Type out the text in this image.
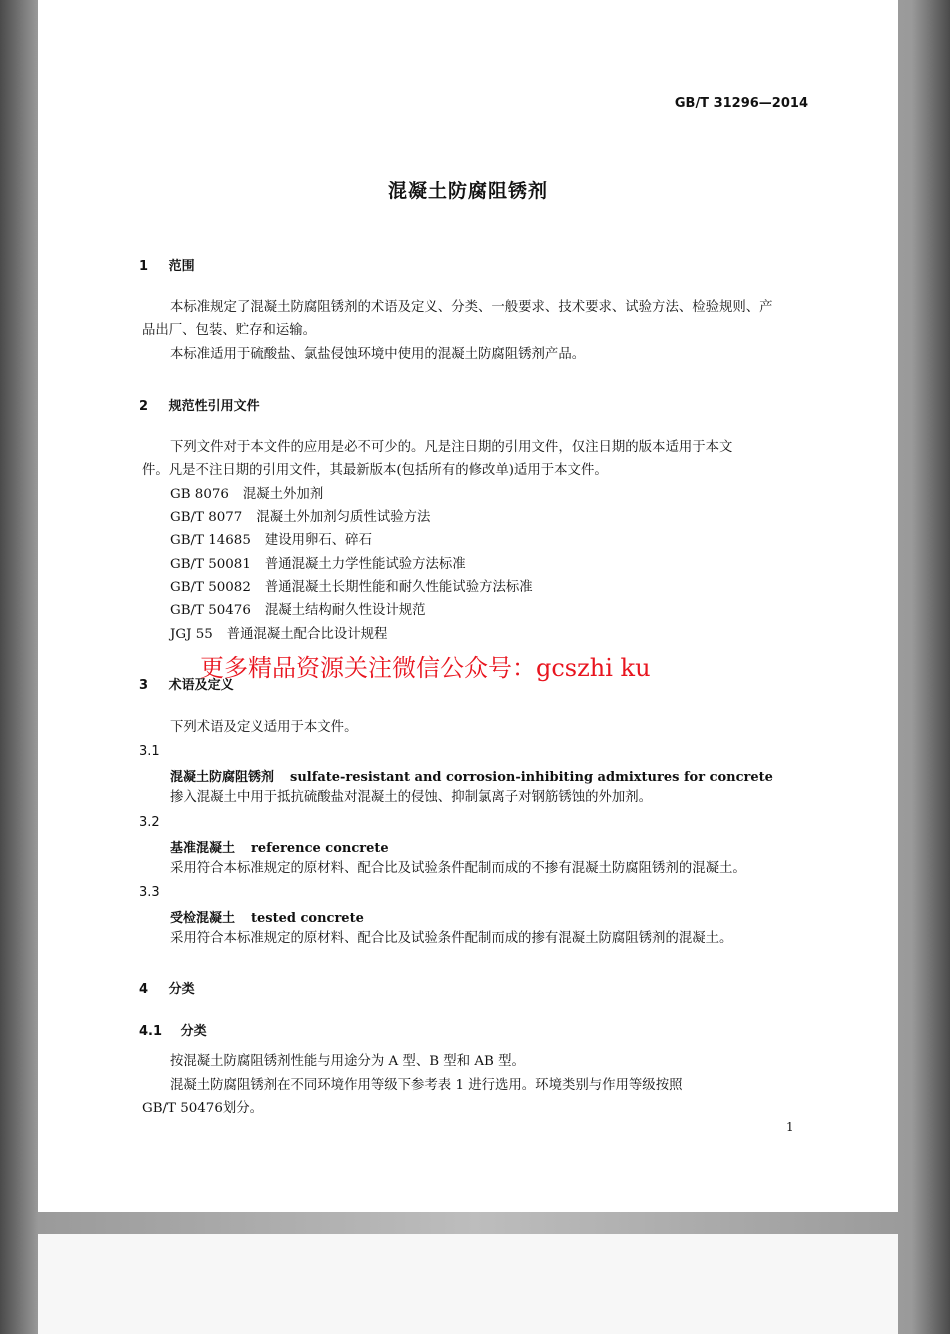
GB/T 31296—2014
混凝土防腐阻锈剂
1 范围
本标准规定了混凝土防腐阻锈剂的术语及定义、分类、一般要求、技术要求、试验方法、检验规则、产
品出厂、包装、贮存和运输。
本标准适用于硫酸盐、氯盐侵蚀环境中使用的混凝土防腐阻锈剂产品。
2 规范性引用文件
下列文件对于本文件的应用是必不可少的。凡是注日期的引用文件，仅注日期的版本适用于本文
件。凡是不注日期的引用文件，其最新版本(包括所有的修改单)适用于本文件。
GB 8076 混凝土外加剂
GB/T 8077 混凝土外加剂匀质性试验方法
GB/T 14685 建设用卵石、碎石
GB/T 50081 普通混凝土力学性能试验方法标准
GB/T 50082 普通混凝土长期性能和耐久性能试验方法标准
GB/T 50476 混凝土结构耐久性设计规范
JGJ 55 普通混凝土配合比设计规程
3 术语及定义
下列术语及定义适用于本文件。
3.1
混凝土防腐阻锈剂 sulfate-resistant and corrosion-inhibiting admixtures for concrete
掺入混凝土中用于抵抗硫酸盐对混凝土的侵蚀、抑制氯离子对钢筋锈蚀的外加剂。
3.2
基准混凝土 reference concrete
采用符合本标准规定的原材料、配合比及试验条件配制而成的不掺有混凝土防腐阻锈剂的混凝土。
3.3
受检混凝土 tested concrete
采用符合本标准规定的原材料、配合比及试验条件配制而成的掺有混凝土防腐阻锈剂的混凝土。
4 分类
4.1 分类
按混凝土防腐阻锈剂性能与用途分为 A 型、B 型和 AB 型。
混凝土防腐阻锈剂在不同环境作用等级下参考表 1 进行选用。环境类别与作用等级按照
GB/T 50476划分。
1
更多精品资源关注微信公众号：gcszhi ku
